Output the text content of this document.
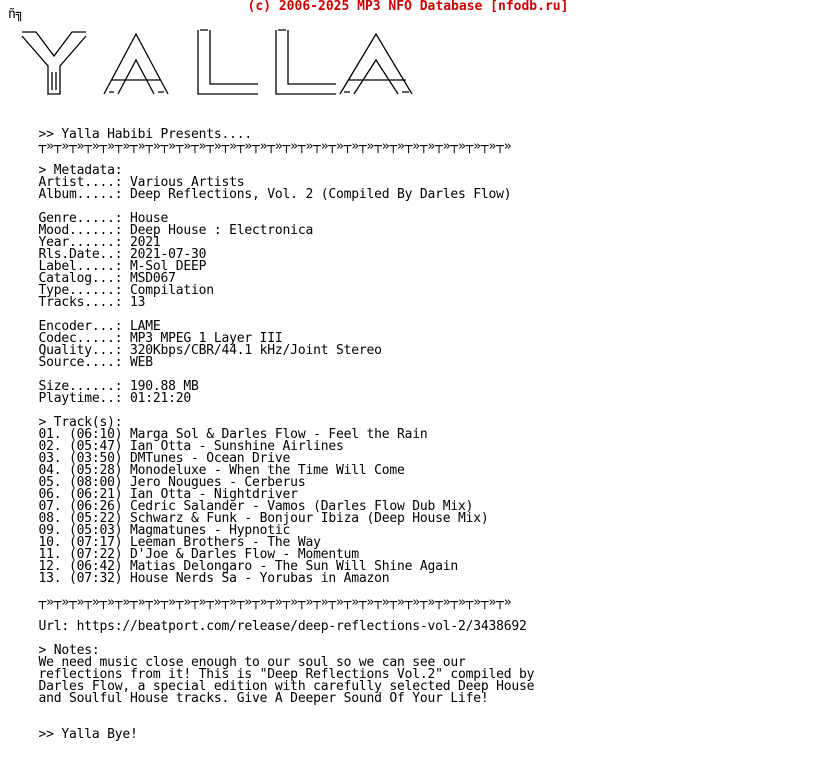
(c) 2006-2025 MP3 NFO Database [nfodb.ru]
ñ╗

>> Yalla Habibi Presents....
┬»┬»┬»┬»┬»┬»┬»┬»┬»┬»┬»┬»┬»┬»┬»┬»┬»┬»┬»┬»┬»┬»┬»┬»┬»┬»┬»┬»┬»┬»┬»

> Metadata:
Artist....: Various Artists
Album.....: Deep Reflections, Vol. 2 (Compiled By Darles Flow)

Genre.....: House
Mood......: Deep House : Electronica
Year......: 2021
Rls.Date..: 2021-07-30
Label.....: M-Sol DEEP
Catalog...: MSD067
Type......: Compilation
Tracks....: 13

Encoder...: LAME
Codec.....: MP3 MPEG 1 Layer III
Quality...: 320Kbps/CBR/44.1 kHz/Joint Stereo
Source....: WEB

Size......: 190.88 MB
Playtime..: 01:21:20

> Track(s):
01. (06:10) Marga Sol & Darles Flow - Feel the Rain
02. (05:47) Ian Otta - Sunshine Airlines
03. (03:50) DMTunes - Ocean Drive
04. (05:28) Monodeluxe - When the Time Will Come
05. (08:00) Jero Nougues - Cerberus
06. (06:21) Ian Otta - Nightdriver
07. (06:26) Cedric Salander - Vamos (Darles Flow Dub Mix)
08. (05:22) Schwarz & Funk - Bonjour Ibiza (Deep House Mix)
09. (05:03) Magmatunes - Hypnotic
10. (07:17) Leeman Brothers - The Way
11. (07:22) D'Joe & Darles Flow - Momentum
12. (06:42) Matias Delongaro - The Sun Will Shine Again
13. (07:32) House Nerds Sa - Yorubas in Amazon

┬»┬»┬»┬»┬»┬»┬»┬»┬»┬»┬»┬»┬»┬»┬»┬»┬»┬»┬»┬»┬»┬»┬»┬»┬»┬»┬»┬»┬»┬»┬»

Url: https://beatport.com/release/deep-reflections-vol-2/3438692

> Notes:
We need music close enough to our soul so we can see our
reflections from it! This is "Deep Reflections Vol.2" compiled by
Darles Flow, a special edition with carefully selected Deep House
and Soulful House tracks. Give A Deeper Sound Of Your Life!

>> Yalla Bye!
